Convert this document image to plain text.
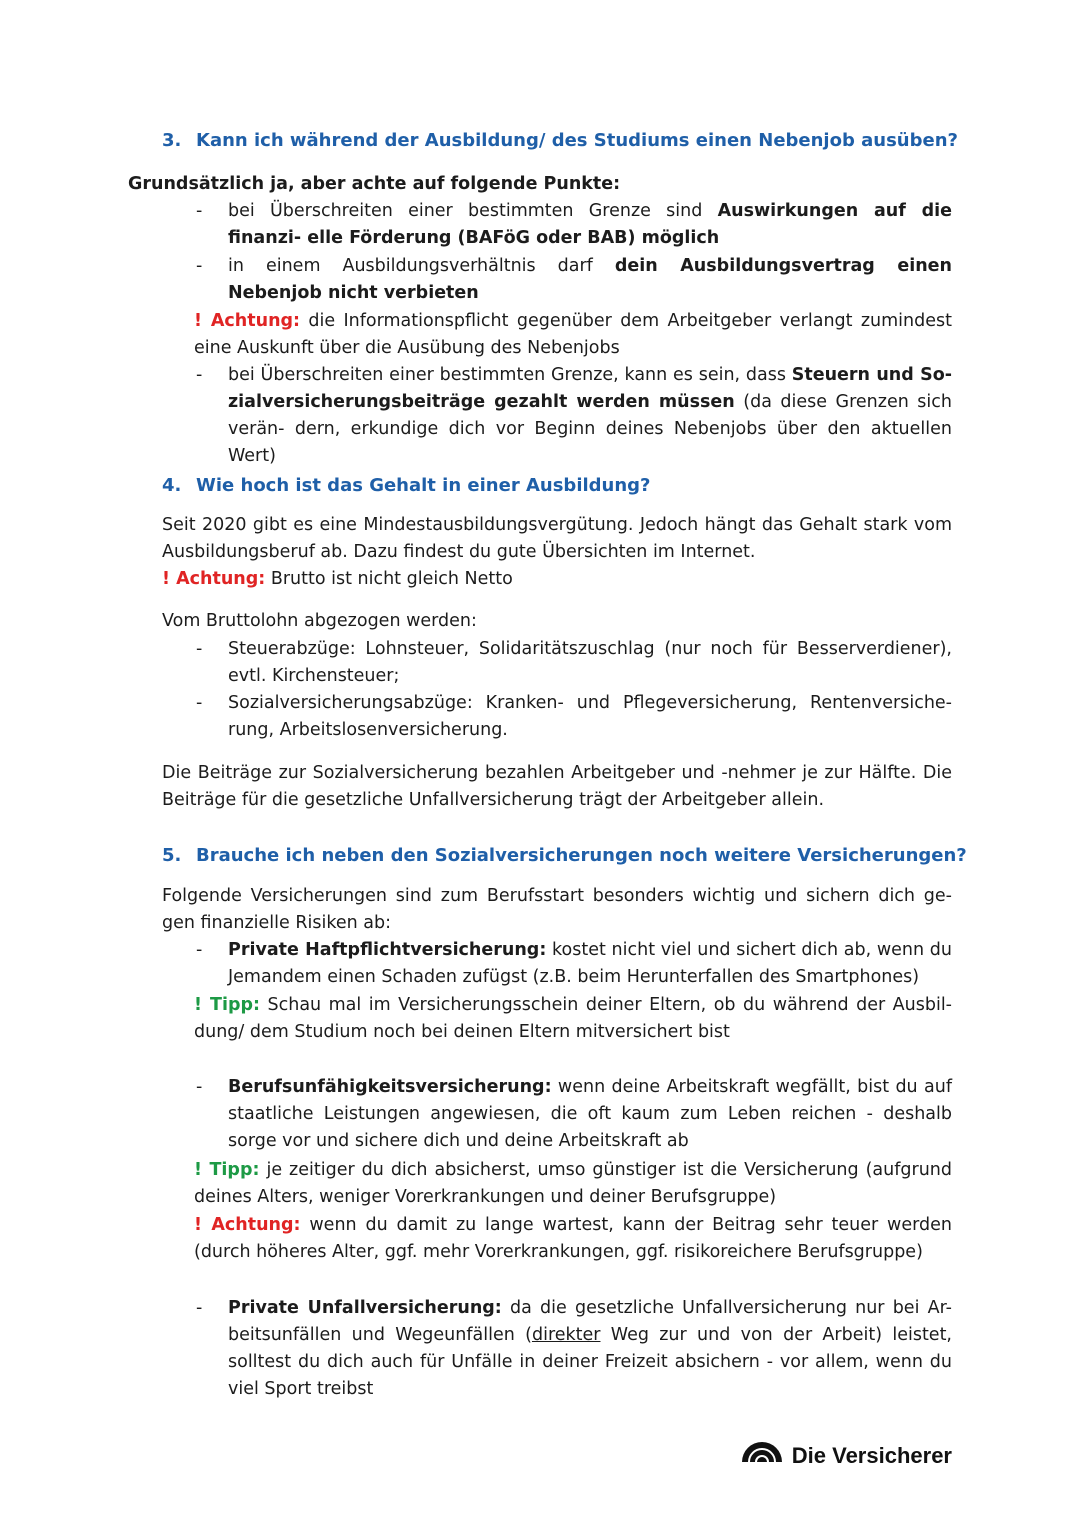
3. Kann ich während der Ausbildung/ des Studiums einen Nebenjob ausüben?
Grundsätzlich ja, aber achte auf folgende Punkte:
- bei Überschreiten einer bestimmten Grenze sind Auswirkungen auf die finanzi- elle Förderung (BAFöG oder BAB) möglich
- in einem Ausbildungsverhältnis darf dein Ausbildungsvertrag einen Nebenjob nicht verbieten
! Achtung: die Informationspflicht gegenüber dem Arbeitgeber verlangt zumindest eine Auskunft über die Ausübung des Nebenjobs
- bei Überschreiten einer bestimmten Grenze, kann es sein, dass Steuern und So- zialversicherungsbeiträge gezahlt werden müssen (da diese Grenzen sich verän- dern, erkundige dich vor Beginn deines Nebenjobs über den aktuellen Wert)
4. Wie hoch ist das Gehalt in einer Ausbildung?
Seit 2020 gibt es eine Mindestausbildungsvergütung. Jedoch hängt das Gehalt stark vom Ausbildungsberuf ab. Dazu findest du gute Übersichten im Internet.
! Achtung: Brutto ist nicht gleich Netto
Vom Bruttolohn abgezogen werden:
- Steuerabzüge: Lohnsteuer, Solidaritätszuschlag (nur noch für Besserverdiener), evtl. Kirchensteuer;
- Sozialversicherungsabzüge: Kranken- und Pflegeversicherung, Rentenversiche- rung, Arbeitslosenversicherung.
Die Beiträge zur Sozialversicherung bezahlen Arbeitgeber und -nehmer je zur Hälfte. Die Beiträge für die gesetzliche Unfallversicherung trägt der Arbeitgeber allein.
5. Brauche ich neben den Sozialversicherungen noch weitere Versicherungen?
Folgende Versicherungen sind zum Berufsstart besonders wichtig und sichern dich ge- gen finanzielle Risiken ab:
- Private Haftpflichtversicherung: kostet nicht viel und sichert dich ab, wenn du Jemandem einen Schaden zufügst (z.B. beim Herunterfallen des Smartphones)
! Tipp: Schau mal im Versicherungsschein deiner Eltern, ob du während der Ausbil- dung/ dem Studium noch bei deinen Eltern mitversichert bist
- Berufsunfähigkeitsversicherung: wenn deine Arbeitskraft wegfällt, bist du auf staatliche Leistungen angewiesen, die oft kaum zum Leben reichen - deshalb sorge vor und sichere dich und deine Arbeitskraft ab
! Tipp: je zeitiger du dich absicherst, umso günstiger ist die Versicherung (aufgrund deines Alters, weniger Vorerkrankungen und deiner Berufsgruppe)
! Achtung: wenn du damit zu lange wartest, kann der Beitrag sehr teuer werden (durch höheres Alter, ggf. mehr Vorerkrankungen, ggf. risikoreichere Berufsgruppe)
- Private Unfallversicherung: da die gesetzliche Unfallversicherung nur bei Ar- beitsunfällen und Wegeunfällen (direkter Weg zur und von der Arbeit) leistet, solltest du dich auch für Unfälle in deiner Freizeit absichern - vor allem, wenn du viel Sport treibst
Die Versicherer
